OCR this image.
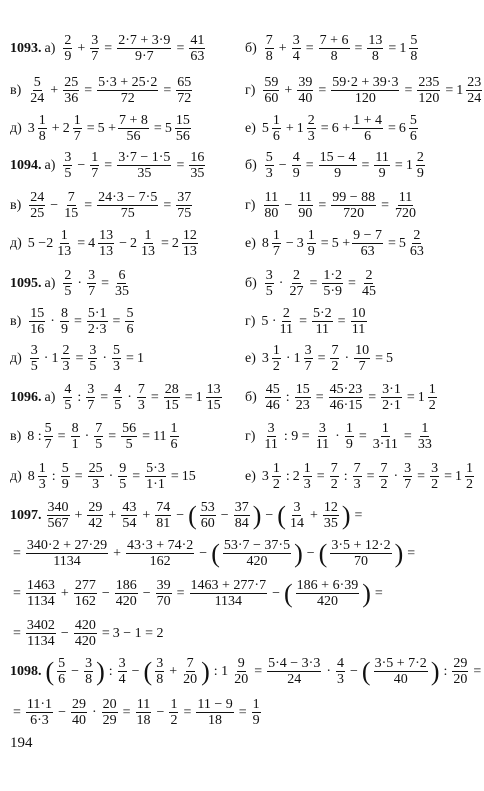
1093. $а) \frac{2}{9} + \frac{3}{7} = \frac{2\cdot 7 + 3\cdot 9}{9\cdot 7} = \frac{41}{63}$	$б) \frac{7}{8} + \frac{3}{4} = \frac{7 + 6}{8} = \frac{13}{8} = 1 \frac{5}{8}$
$в) \frac{5}{24} + \frac{25}{36} = \frac{5\cdot 3 + 25\cdot 2}{72} = \frac{65}{72}$	$г) \frac{59}{60} + \frac{39}{40} = \frac{59\cdot 2 + 39\cdot 3}{120} = \frac{235}{120} = 1 \frac{23}{24}$
д) $3 \frac{1}{8} + 2 \frac{1}{7} = 5 + \frac{7 + 8}{56} = 5 \frac{15}{56}$	е) $5 \frac{1}{6} + 1 \frac{2}{3} = 6 + \frac{1 + 4}{6} = 6 \frac{5}{6}$
1094. $а) \frac{3}{5} - \frac{1}{7} = \frac{3\cdot 7 - 1\cdot 5}{35} = \frac{16}{35}$	$б) \frac{5}{3} - \frac{4}{9} = \frac{15 - 4}{9} = \frac{11}{9} = 1 \frac{2}{9}$
$в) \frac{24}{25} - \frac{7}{15} = \frac{24\cdot 3 - 7\cdot 5}{75} = \frac{37}{75}$	$г) \frac{11}{80} - \frac{11}{90} = \frac{99 - 88}{720} = \frac{11}{720}$
д) $5 - 2 \frac{1}{13} = 4 \frac{13}{13} - 2 \frac{1}{13} = 2 \frac{12}{13}$	е) $8 \frac{1}{7} - 3 \frac{1}{9} = 5 + \frac{9 - 7}{63} = 5 \frac{2}{63}$
1095. $а) \frac{2}{5} \cdot \frac{3}{7} = \frac{6}{35}$	$б) \frac{3}{5} \cdot \frac{2}{27} = \frac{1\cdot 2}{5\cdot 9} = \frac{2}{45}$
$в) \frac{15}{16} \cdot \frac{8}{9} = \frac{5\cdot 1}{2\cdot 3} = \frac{5}{6}$	г) $5 \cdot \frac{2}{11} = \frac{5\cdot 2}{11} = \frac{10}{11}$
$д) \frac{3}{5} \cdot 1 \frac{2}{3} = \frac{3}{5} \cdot \frac{5}{3} = 1$	е) $3 \frac{1}{2} \cdot 1 \frac{3}{7} = \frac{7}{2} \cdot \frac{10}{7} = 5$
1096. $а) \frac{4}{5}$ : $\frac{3}{7} = \frac{4}{5} \cdot \frac{7}{3} = \frac{28}{15} = 1 \frac{13}{15} б) \frac{45}{46}$ : $\frac{15}{23} = \frac{45\cdot 23}{46\cdot 15} = \frac{3\cdot 1}{2\cdot 1} = 1 \frac{1}{2}$
в) 8 : $\frac{5}{7} = \frac{8}{1} \cdot \frac{7}{5} = \frac{56}{5} = 11 \frac{1}{6}$	$г) \frac{3}{11}$ : $9 = \frac{3}{11} \cdot \frac{1}{9} = \frac{1}{3\cdot 11} = \frac{1}{33}$
д) $8 \frac{1}{3}$ : $\frac{5}{9} = \frac{25}{3} \cdot \frac{9}{5} = \frac{5\cdot 3}{1\cdot 1} = 15$	е) $3 \frac{1}{2}$ : $2 \frac{1}{3} = \frac{7}{2}$ : $\frac{7}{3} = \frac{7}{2} \cdot \frac{3}{7} = \frac{3}{2} = 1 \frac{1}{2}$
1097. $\frac{340}{567} + \frac{29}{42} + \frac{43}{54} + \frac{74}{81}$ − ( $\frac{53}{60} - \frac{37}{84}$ ) − ( $\frac{3}{14} + \frac{12}{35}$ ) =
= $\frac{340\cdot 2 + 27\cdot 29}{1134} + \frac{43\cdot 3 + 74\cdot 2}{162}$ − ( $\frac{53\cdot 7 - 37\cdot 5}{420}$ ) − ( $\frac{3\cdot 5 + 12\cdot 2}{70}$ ) =
= $\frac{1463}{1134} + \frac{277}{162} - \frac{186}{420} - \frac{39}{70} = \frac{1463 + 277\cdot 7}{1134}$ − ( $\frac{186 + 6\cdot 39}{420}$ ) =
= $\frac{3402}{1134} - \frac{420}{420} = 3 - 1 = 2$
1098. ( $\frac{5}{6} - \frac{3}{8}$ ) : $\frac{3}{4}$ − ( $\frac{3}{8} + \frac{7}{20}$ ) : $1 \frac{9}{20} = \frac{5\cdot 4 - 3\cdot 3}{24} \cdot \frac{4}{3}$ − ( $\frac{3\cdot 5 + 7\cdot 2}{40}$ ) : $\frac{29}{20}$ =
= $\frac{11\cdot 1}{6\cdot 3} - \frac{29}{40} \cdot \frac{20}{29} = \frac{11}{18} - \frac{1}{2} = \frac{11 - 9}{18} = \frac{1}{9}$
194
